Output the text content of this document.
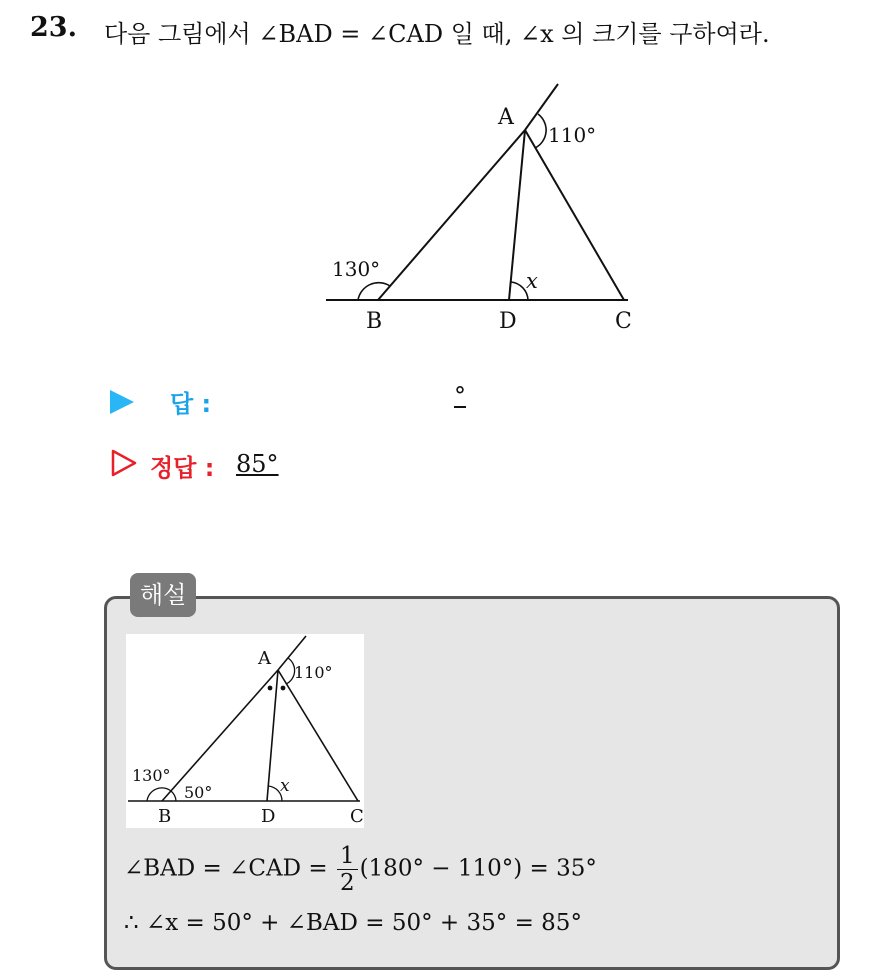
23. 다음 그림에서 ∠BAD = ∠CAD 일 때, ∠x 의 크기를 구하여라.
A
110°
130°	x
B	D	C
답 :	°
정답 : 85°
해설
A
110°
130°
50°	x
B	D	C
∠BAD = ∠CAD = $\frac{1}{2} (180^\circ - 110^\circ) = 35^\circ$
∴ ∠x = 50° + ∠BAD = 50° + 35° = 85°
